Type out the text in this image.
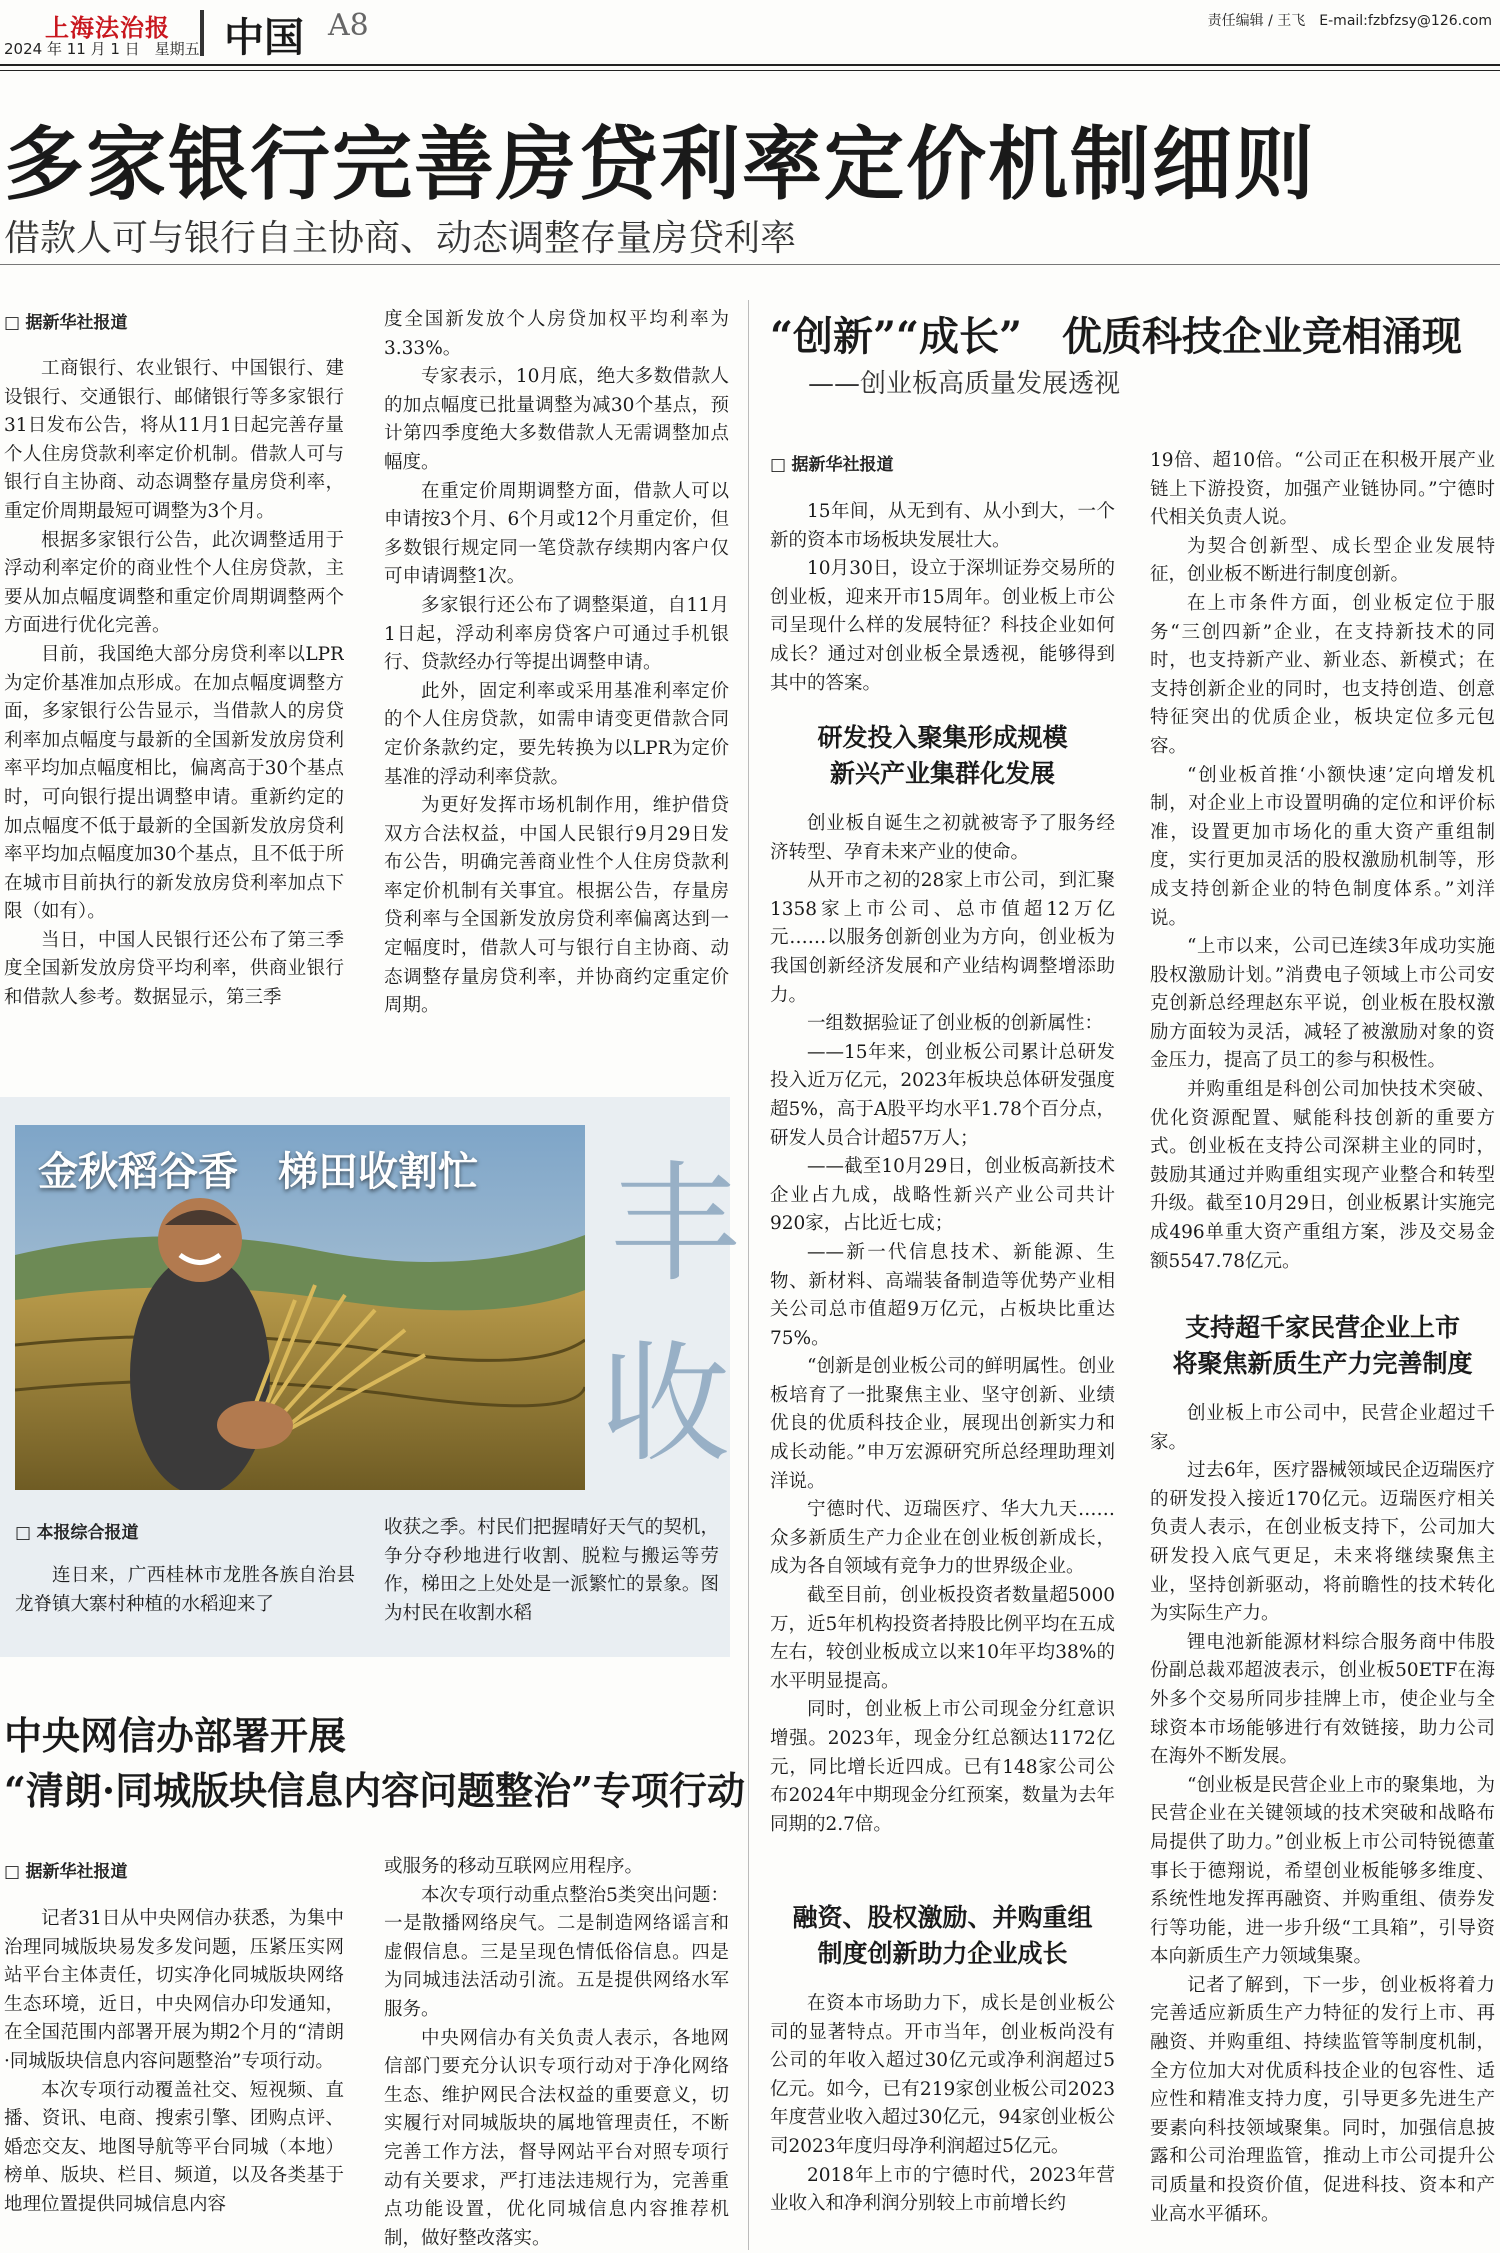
上海法治报
2024 年 11 月 1 日　星期五 中国 A8	责任编辑 / 王飞　E-mail:fzbfzsy@126.com
多家银行完善房贷利率定价机制细则
借款人可与银行自主协商、动态调整存量房贷利率
□ 据新华社报道

工商银行、农业银行、中国银行、建设银行、交通银行、邮储银行等多家银行31日发布公告，将从11月1日起完善存量个人住房贷款利率定价机制。借款人可与银行自主协商、动态调整存量房贷利率，重定价周期最短可调整为3个月。

根据多家银行公告，此次调整适用于浮动利率定价的商业性个人住房贷款，主要从加点幅度调整和重定价周期调整两个方面进行优化完善。

目前，我国绝大部分房贷利率以LPR为定价基准加点形成。在加点幅度调整方面，多家银行公告显示，当借款人的房贷利率加点幅度与最新的全国新发放房贷利率平均加点幅度相比，偏离高于30个基点时，可向银行提出调整申请。重新约定的加点幅度不低于最新的全国新发放房贷利率平均加点幅度加30个基点，且不低于所在城市目前执行的新发放房贷利率加点下限（如有）。

当日，中国人民银行还公布了第三季度全国新发放房贷平均利率，供商业银行和借款人参考。数据显示，第三季

度全国新发放个人房贷加权平均利率为3.33%。

专家表示，10月底，绝大多数借款人的加点幅度已批量调整为减30个基点，预计第四季度绝大多数借款人无需调整加点幅度。

在重定价周期调整方面，借款人可以申请按3个月、6个月或12个月重定价，但多数银行规定同一笔贷款存续期内客户仅可申请调整1次。

多家银行还公布了调整渠道，自11月1日起，浮动利率房贷客户可通过手机银行、贷款经办行等提出调整申请。

此外，固定利率或采用基准利率定价的个人住房贷款，如需申请变更借款合同定价条款约定，要先转换为以LPR为定价基准的浮动利率贷款。

为更好发挥市场机制作用，维护借贷双方合法权益，中国人民银行9月29日发布公告，明确完善商业性个人住房贷款利率定价机制有关事宜。根据公告，存量房贷利率与全国新发放房贷利率偏离达到一定幅度时，借款人可与银行自主协商、动态调整存量房贷利率，并协商约定重定价周期。

金秋稻谷香　梯田收割忙 丰
收
□ 本报综合报道

连日来，广西桂林市龙胜各族自治县龙脊镇大寨村种植的水稻迎来了

收获之季。村民们把握晴好天气的契机，争分夺秒地进行收割、脱粒与搬运等劳作，梯田之上处处是一派繁忙的景象。图为村民在收割水稻

中央网信办部署开展
“清朗·同城版块信息内容问题整治”专项行动
□ 据新华社报道

记者31日从中央网信办获悉，为集中治理同城版块易发多发问题，压紧压实网站平台主体责任，切实净化同城版块网络生态环境，近日，中央网信办印发通知，在全国范围内部署开展为期2个月的“清朗·同城版块信息内容问题整治”专项行动。

本次专项行动覆盖社交、短视频、直播、资讯、电商、搜索引擎、团购点评、婚恋交友、地图导航等平台同城（本地）榜单、版块、栏目、频道，以及各类基于地理位置提供同城信息内容

或服务的移动互联网应用程序。

本次专项行动重点整治5类突出问题：一是散播网络戾气。二是制造网络谣言和虚假信息。三是呈现色情低俗信息。四是为同城违法活动引流。五是提供网络水军服务。

中央网信办有关负责人表示，各地网信部门要充分认识专项行动对于净化网络生态、维护网民合法权益的重要意义，切实履行对同城版块的属地管理责任，不断完善工作方法，督导网站平台对照专项行动有关要求，严打违法违规行为，完善重点功能设置，优化同城信息内容推荐机制，做好整改落实。

“创新”“成长”　优质科技企业竞相涌现
——创业板高质量发展透视
□ 据新华社报道

15年间，从无到有、从小到大，一个新的资本市场板块发展壮大。

10月30日，设立于深圳证券交易所的创业板，迎来开市15周年。创业板上市公司呈现什么样的发展特征？科技企业如何成长？通过对创业板全景透视，能够得到其中的答案。

研发投入聚集形成规模
新兴产业集群化发展

创业板自诞生之初就被寄予了服务经济转型、孕育未来产业的使命。

从开市之初的28家上市公司，到汇聚1358家上市公司、总市值超12万亿元……以服务创新创业为方向，创业板为我国创新经济发展和产业结构调整增添助力。

一组数据验证了创业板的创新属性：

——15年来，创业板公司累计总研发投入近万亿元，2023年板块总体研发强度超5%，高于A股平均水平1.78个百分点，研发人员合计超57万人；

——截至10月29日，创业板高新技术企业占九成，战略性新兴产业公司共计920家，占比近七成；

——新一代信息技术、新能源、生物、新材料、高端装备制造等优势产业相关公司总市值超9万亿元，占板块比重达75%。

“创新是创业板公司的鲜明属性。创业板培育了一批聚焦主业、坚守创新、业绩优良的优质科技企业，展现出创新实力和成长动能。”申万宏源研究所总经理助理刘洋说。

宁德时代、迈瑞医疗、华大九天……众多新质生产力企业在创业板创新成长，成为各自领域有竞争力的世界级企业。

截至目前，创业板投资者数量超5000万，近5年机构投资者持股比例平均在五成左右，较创业板成立以来10年平均38%的水平明显提高。

同时，创业板上市公司现金分红意识增强。2023年，现金分红总额达1172亿元，同比增长近四成。已有148家公司公布2024年中期现金分红预案，数量为去年同期的2.7倍。

融资、股权激励、并购重组
制度创新助力企业成长

在资本市场助力下，成长是创业板公司的显著特点。开市当年，创业板尚没有公司的年收入超过30亿元或净利润超过5亿元。如今，已有219家创业板公司2023年度营业收入超过30亿元，94家创业板公司2023年度归母净利润超过5亿元。

2018年上市的宁德时代，2023年营业收入和净利润分别较上市前增长约

19倍、超10倍。“公司正在积极开展产业链上下游投资，加强产业链协同。”宁德时代相关负责人说。

为契合创新型、成长型企业发展特征，创业板不断进行制度创新。

在上市条件方面，创业板定位于服务“三创四新”企业，在支持新技术的同时，也支持新产业、新业态、新模式；在支持创新企业的同时，也支持创造、创意特征突出的优质企业，板块定位多元包容。

“创业板首推‘小额快速’定向增发机制，对企业上市设置明确的定位和评价标准，设置更加市场化的重大资产重组制度，实行更加灵活的股权激励机制等，形成支持创新企业的特色制度体系。”刘洋说。

“上市以来，公司已连续3年成功实施股权激励计划。”消费电子领域上市公司安克创新总经理赵东平说，创业板在股权激励方面较为灵活，减轻了被激励对象的资金压力，提高了员工的参与积极性。

并购重组是科创公司加快技术突破、优化资源配置、赋能科技创新的重要方式。创业板在支持公司深耕主业的同时，鼓励其通过并购重组实现产业整合和转型升级。截至10月29日，创业板累计实施完成496单重大资产重组方案，涉及交易金额5547.78亿元。

支持超千家民营企业上市
将聚焦新质生产力完善制度

创业板上市公司中，民营企业超过千家。

过去6年，医疗器械领域民企迈瑞医疗的研发投入接近170亿元。迈瑞医疗相关负责人表示，在创业板支持下，公司加大研发投入底气更足，未来将继续聚焦主业，坚持创新驱动，将前瞻性的技术转化为实际生产力。

锂电池新能源材料综合服务商中伟股份副总裁邓超波表示，创业板50ETF在海外多个交易所同步挂牌上市，使企业与全球资本市场能够进行有效链接，助力公司在海外不断发展。

“创业板是民营企业上市的聚集地，为民营企业在关键领域的技术突破和战略布局提供了助力。”创业板上市公司特锐德董事长于德翔说，希望创业板能够多维度、系统性地发挥再融资、并购重组、债券发行等功能，进一步升级“工具箱”，引导资本向新质生产力领域集聚。

记者了解到，下一步，创业板将着力完善适应新质生产力特征的发行上市、再融资、并购重组、持续监管等制度机制，全方位加大对优质科技企业的包容性、适应性和精准支持力度，引导更多先进生产要素向科技领域聚集。同时，加强信息披露和公司治理监管，推动上市公司提升公司质量和投资价值，促进科技、资本和产业高水平循环。
